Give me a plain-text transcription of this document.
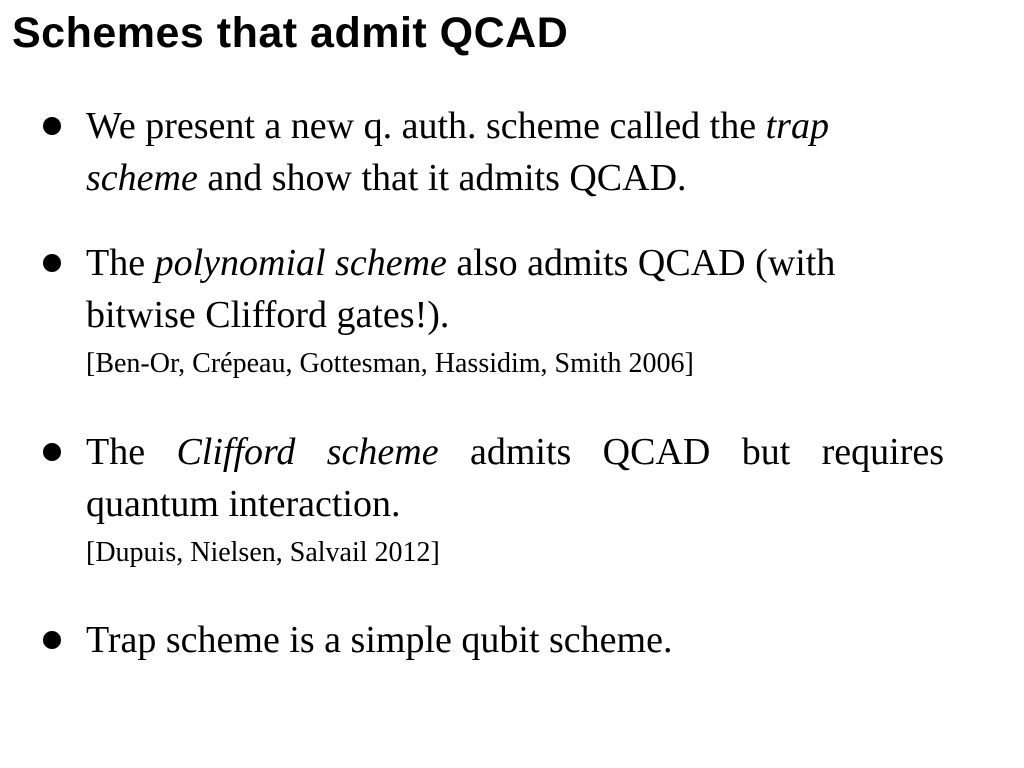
Schemes that admit QCAD
We present a new q. auth. scheme called the trap
scheme and show that it admits QCAD.
The polynomial scheme also admits QCAD (with
bitwise Clifford gates!).
[Ben-Or, Crépeau, Gottesman, Hassidim, Smith 2006]
The Clifford scheme admits QCAD but requires
quantum interaction.
[Dupuis, Nielsen, Salvail 2012]
Trap scheme is a simple qubit scheme.
